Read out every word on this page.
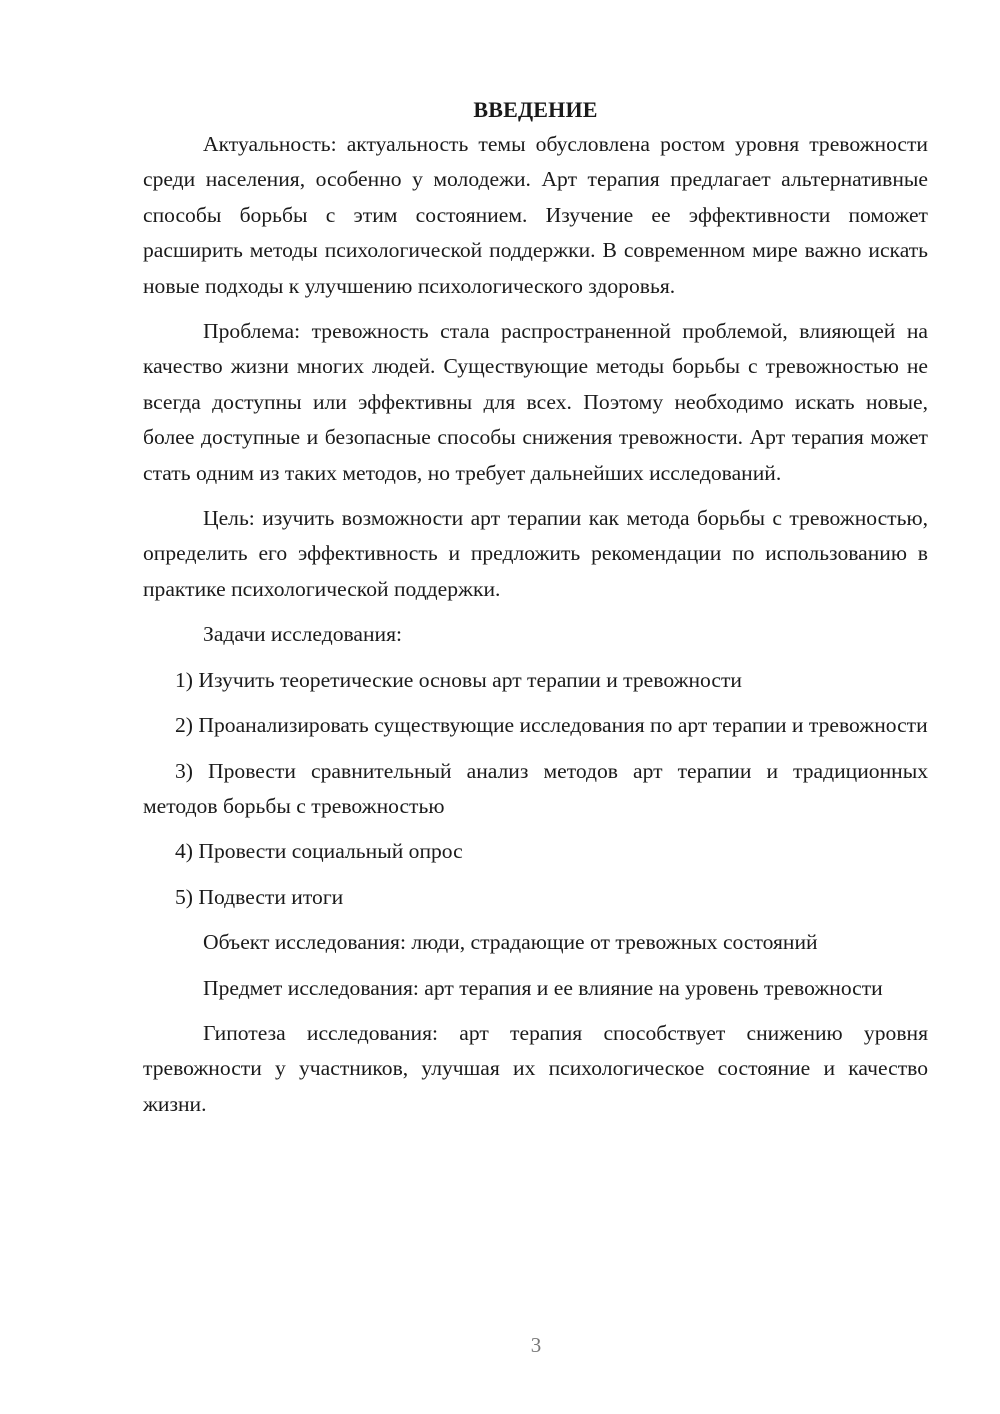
ВВЕДЕНИЕ

Актуальность: актуальность темы обусловлена ростом уровня тревожности среди населения, особенно у молодежи. Арт терапия предлагает альтернативные способы борьбы с этим состоянием. Изучение ее эффективности поможет расширить методы психологической поддержки. В современном мире важно искать новые подходы к улучшению психологического здоровья.

Проблема: тревожность стала распространенной проблемой, влияющей на качество жизни многих людей. Существующие методы борьбы с тревожностью не всегда доступны или эффективны для всех. Поэтому необходимо искать новые, более доступные и безопасные способы снижения тревожности. Арт терапия может стать одним из таких методов, но требует дальнейших исследований.

Цель: изучить возможности арт терапии как метода борьбы с тревожностью, определить его эффективность и предложить рекомендации по использованию в практике психологической поддержки.

Задачи исследования:

1) Изучить теоретические основы арт терапии и тревожности

2) Проанализировать существующие исследования по арт терапии и тревожности

3) Провести сравнительный анализ методов арт терапии и традиционных методов борьбы с тревожностью

4) Провести социальный опрос

5) Подвести итоги

Объект исследования: люди, страдающие от тревожных состояний

Предмет исследования: арт терапия и ее влияние на уровень тревожности

Гипотеза исследования: арт терапия способствует снижению уровня тревожности у участников, улучшая их психологическое состояние и качество жизни.

3
